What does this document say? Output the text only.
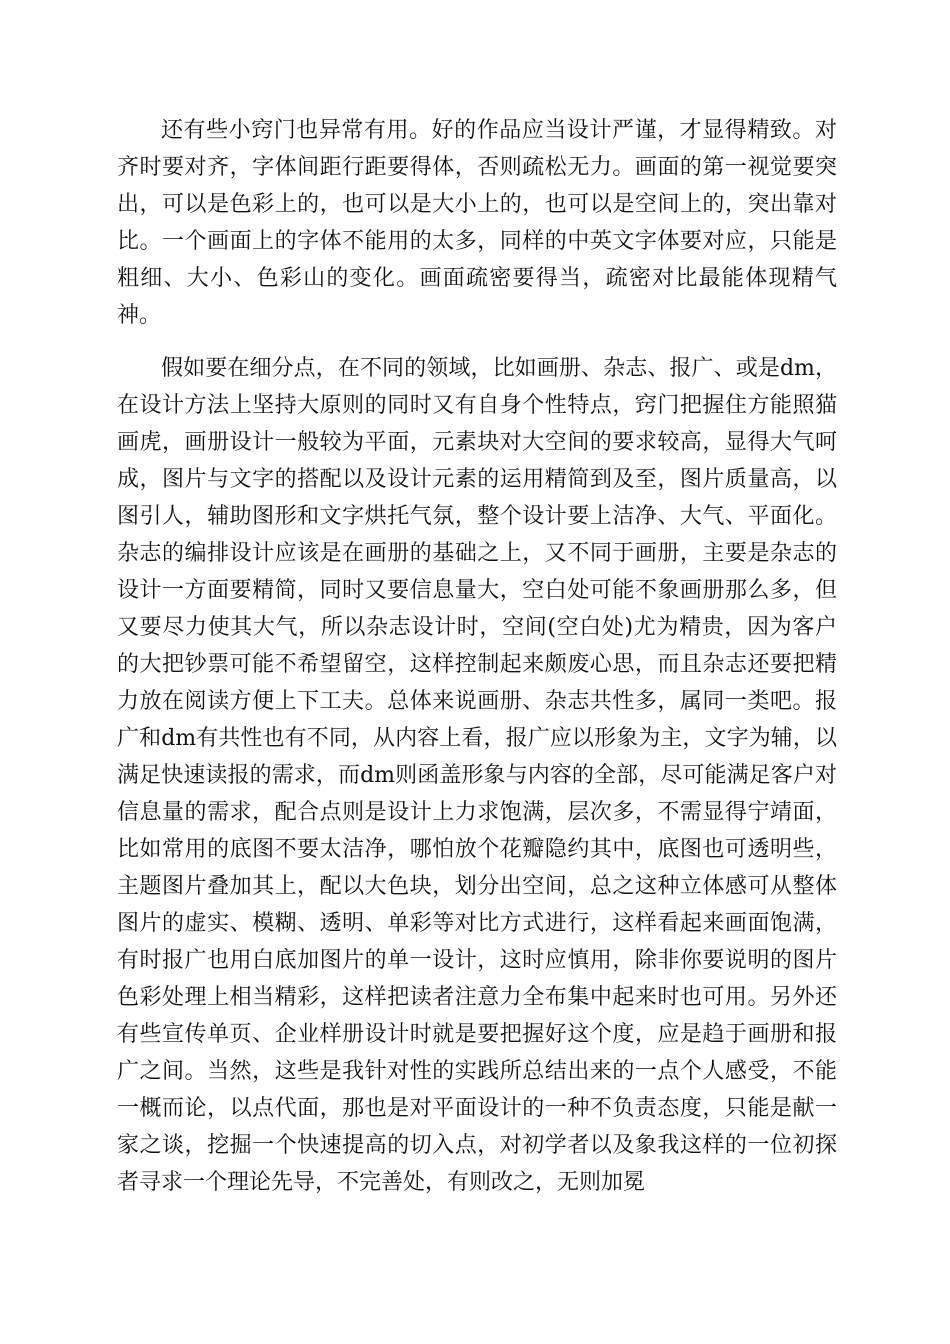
还有些小窍门也异常有用。好的作品应当设计严谨，才显得精致。对齐时要对齐，字体间距行距要得体，否则疏松无力。画面的第一视觉要突出，可以是色彩上的，也可以是大小上的，也可以是空间上的，突出靠对比。一个画面上的字体不能用的太多，同样的中英文字体要对应，只能是粗细、大小、色彩山的变化。画面疏密要得当，疏密对比最能体现精气神。

假如要在细分点，在不同的领域，比如画册、杂志、报广、或是dm，在设计方法上坚持大原则的同时又有自身个性特点，窍门把握住方能照猫画虎，画册设计一般较为平面，元素块对大空间的要求较高，显得大气呵成，图片与文字的搭配以及设计元素的运用精简到及至，图片质量高，以图引人，辅助图形和文字烘托气氛，整个设计要上洁净、大气、平面化。杂志的编排设计应该是在画册的基础之上，又不同于画册，主要是杂志的设计一方面要精简，同时又要信息量大，空白处可能不象画册那么多，但又要尽力使其大气，所以杂志设计时，空间(空白处)尤为精贵，因为客户的大把钞票可能不希望留空，这样控制起来颇废心思，而且杂志还要把精力放在阅读方便上下工夫。总体来说画册、杂志共性多，属同一类吧。报广和dm有共性也有不同，从内容上看，报广应以形象为主，文字为辅，以满足快速读报的需求，而dm则函盖形象与内容的全部，尽可能满足客户对信息量的需求，配合点则是设计上力求饱满，层次多，不需显得宁靖面，比如常用的底图不要太洁净，哪怕放个花瓣隐约其中，底图也可透明些，主题图片叠加其上，配以大色块，划分出空间，总之这种立体感可从整体图片的虚实、模糊、透明、单彩等对比方式进行，这样看起来画面饱满，有时报广也用白底加图片的单一设计，这时应慎用，除非你要说明的图片色彩处理上相当精彩，这样把读者注意力全布集中起来时也可用。另外还有些宣传单页、企业样册设计时就是要把握好这个度，应是趋于画册和报广之间。当然，这些是我针对性的实践所总结出来的一点个人感受，不能一概而论，以点代面，那也是对平面设计的一种不负责态度，只能是献一家之谈，挖掘一个快速提高的切入点，对初学者以及象我这样的一位初探者寻求一个理论先导，不完善处，有则改之，无则加冕
